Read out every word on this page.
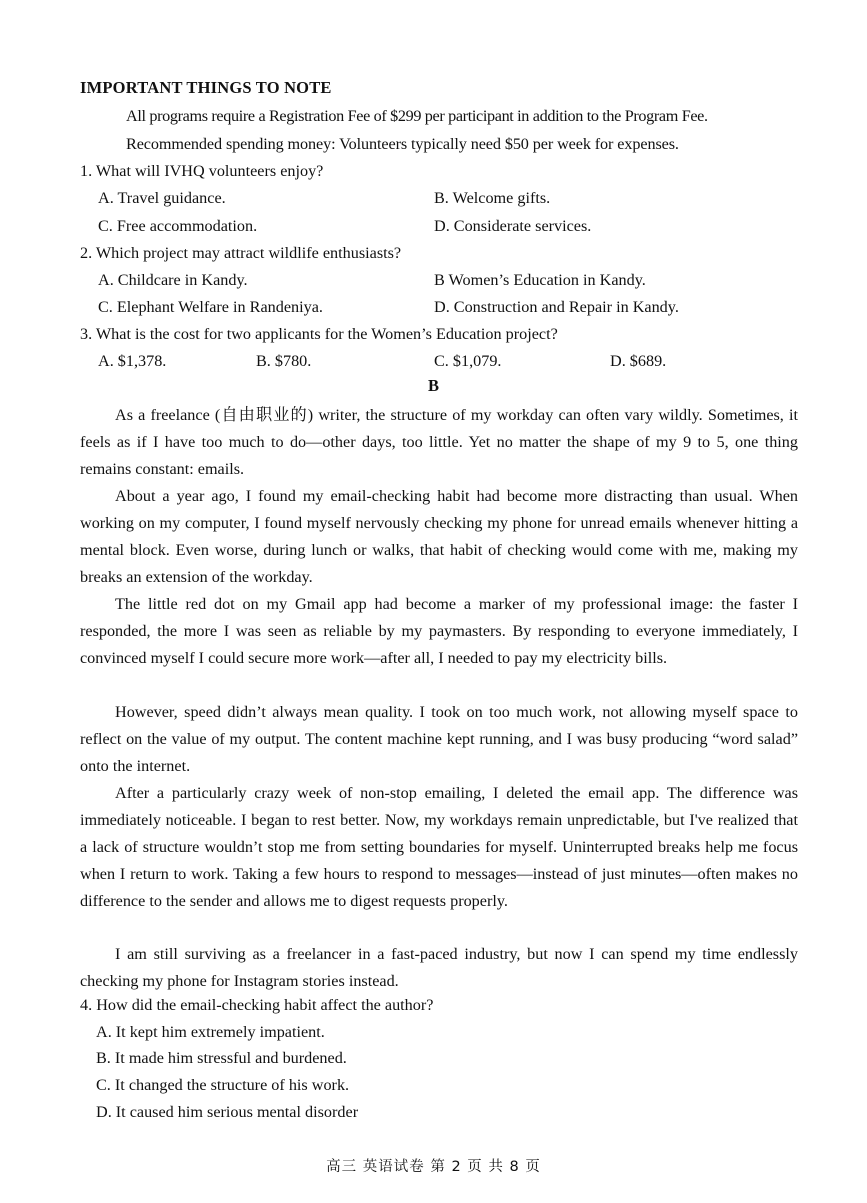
IMPORTANT THINGS TO NOTE
All programs require a Registration Fee of $299 per participant in addition to the Program Fee.
Recommended spending money: Volunteers typically need $50 per week for expenses.
1. What will IVHQ volunteers enjoy?
A. Travel guidance.	B. Welcome gifts.
C. Free accommodation.	D. Considerate services.
2. Which project may attract wildlife enthusiasts?
A. Childcare in Kandy.	B Women’s Education in Kandy.
C. Elephant Welfare in Randeniya.	D. Construction and Repair in Kandy.
3. What is the cost for two applicants for the Women’s Education project?
A. $1,378.	B. $780.	C. $1,079.	D. $689.
B
As a freelance (自由职业的) writer, the structure of my workday can often vary wildly. Sometimes, it feels as if I have too much to do—other days, too little. Yet no matter the shape of my 9 to 5, one thing remains constant: emails.
About a year ago, I found my email-checking habit had become more distracting than usual. When working on my computer, I found myself nervously checking my phone for unread emails whenever hitting a mental block. Even worse, during lunch or walks, that habit of checking would come with me, making my breaks an extension of the workday.
The little red dot on my Gmail app had become a marker of my professional image: the faster I responded, the more I was seen as reliable by my paymasters. By responding to everyone immediately, I convinced myself I could secure more work—after all, I needed to pay my electricity bills.
However, speed didn’t always mean quality. I took on too much work, not allowing myself space to reflect on the value of my output. The content machine kept running, and I was busy producing “word salad” onto the internet.
After a particularly crazy week of non-stop emailing, I deleted the email app. The difference was immediately noticeable. I began to rest better. Now, my workdays remain unpredictable, but I've realized that a lack of structure wouldn’t stop me from setting boundaries for myself. Uninterrupted breaks help me focus when I return to work. Taking a few hours to respond to messages—instead of just minutes—often makes no difference to the sender and allows me to digest requests properly.
I am still surviving as a freelancer in a fast-paced industry, but now I can spend my time endlessly checking my phone for Instagram stories instead.
4. How did the email-checking habit affect the author?
A. It kept him extremely impatient.
B. It made him stressful and burdened.
C. It changed the structure of his work.
D. It caused him serious mental disorder
高三 英语试卷 第 2 页 共 8 页
